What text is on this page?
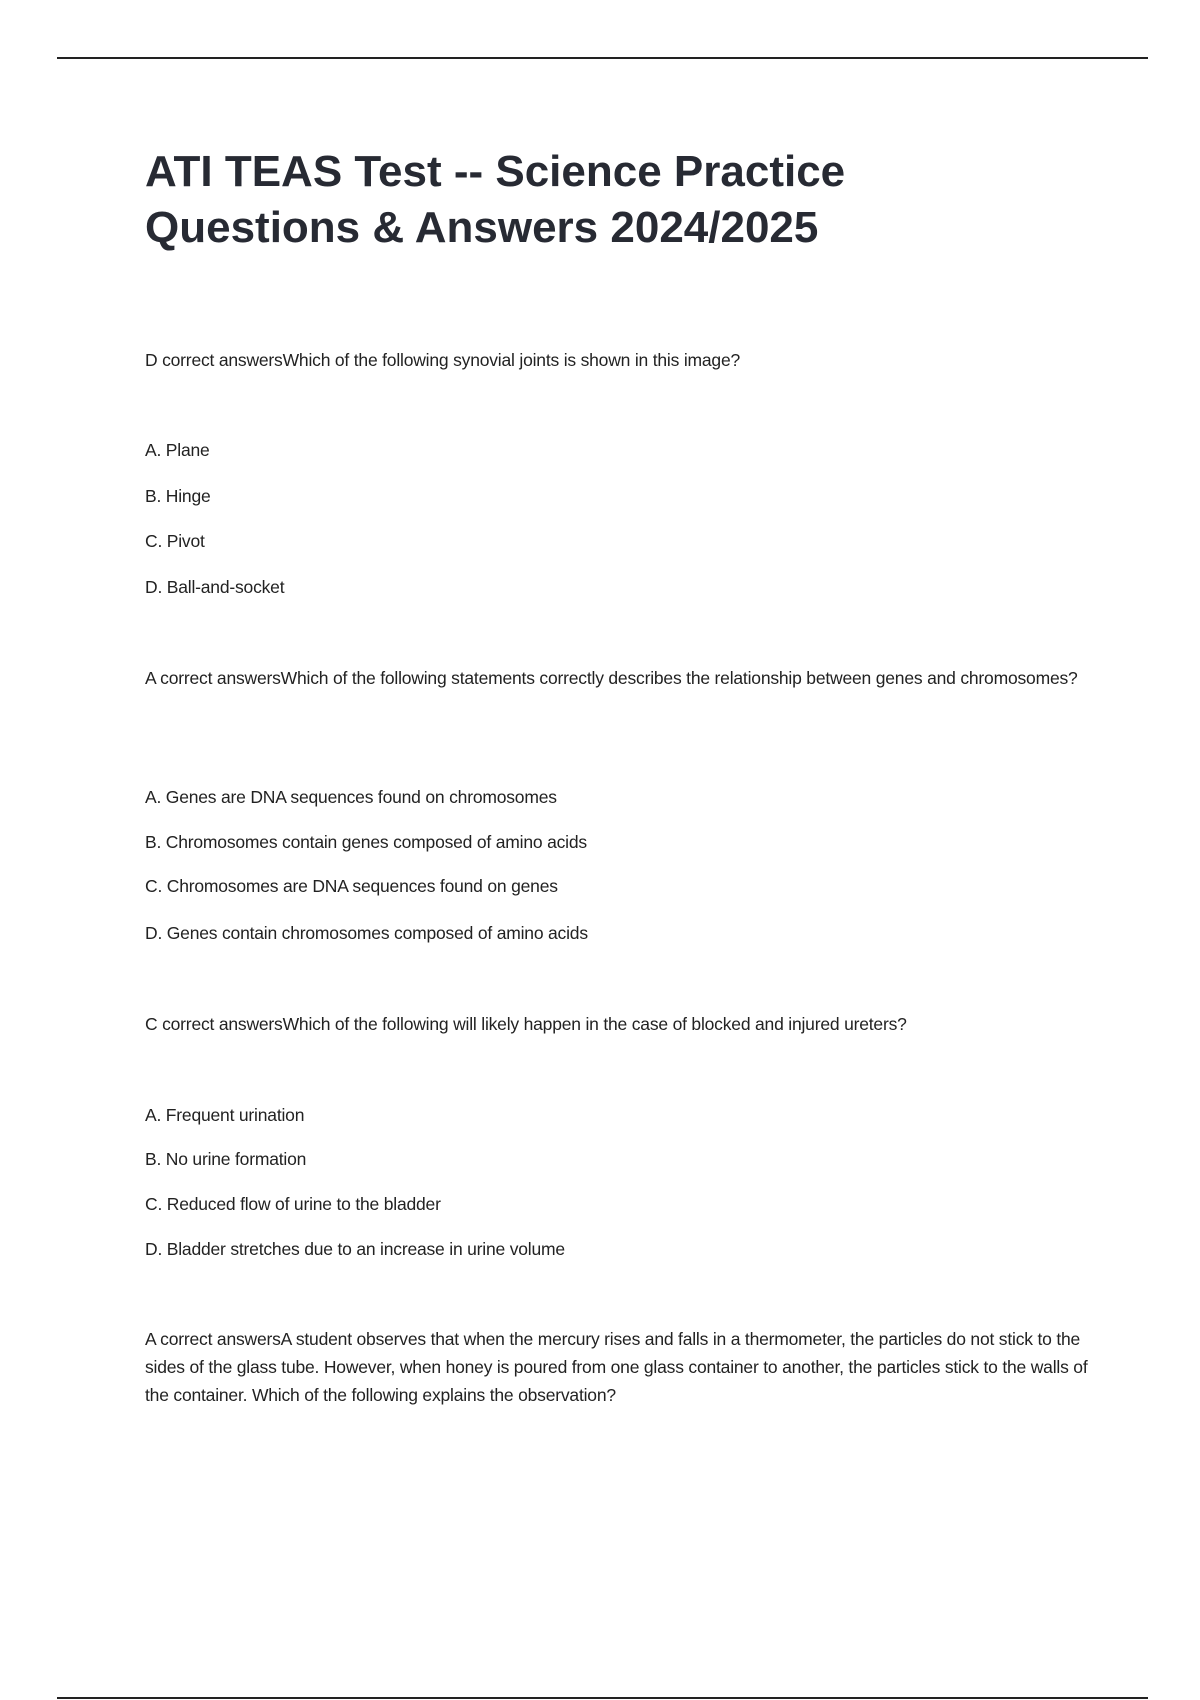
ATI TEAS Test -- Science Practice Questions & Answers 2024/2025
D correct answersWhich of the following synovial joints is shown in this image?
A. Plane
B. Hinge
C. Pivot
D. Ball-and-socket
A correct answersWhich of the following statements correctly describes the relationship between genes and chromosomes?
A. Genes are DNA sequences found on chromosomes
B. Chromosomes contain genes composed of amino acids
C. Chromosomes are DNA sequences found on genes
D. Genes contain chromosomes composed of amino acids
C correct answersWhich of the following will likely happen in the case of blocked and injured ureters?
A. Frequent urination
B. No urine formation
C. Reduced flow of urine to the bladder
D. Bladder stretches due to an increase in urine volume
A correct answersA student observes that when the mercury rises and falls in a thermometer, the particles do not stick to the sides of the glass tube. However, when honey is poured from one glass container to another, the particles stick to the walls of the container. Which of the following explains the observation?
